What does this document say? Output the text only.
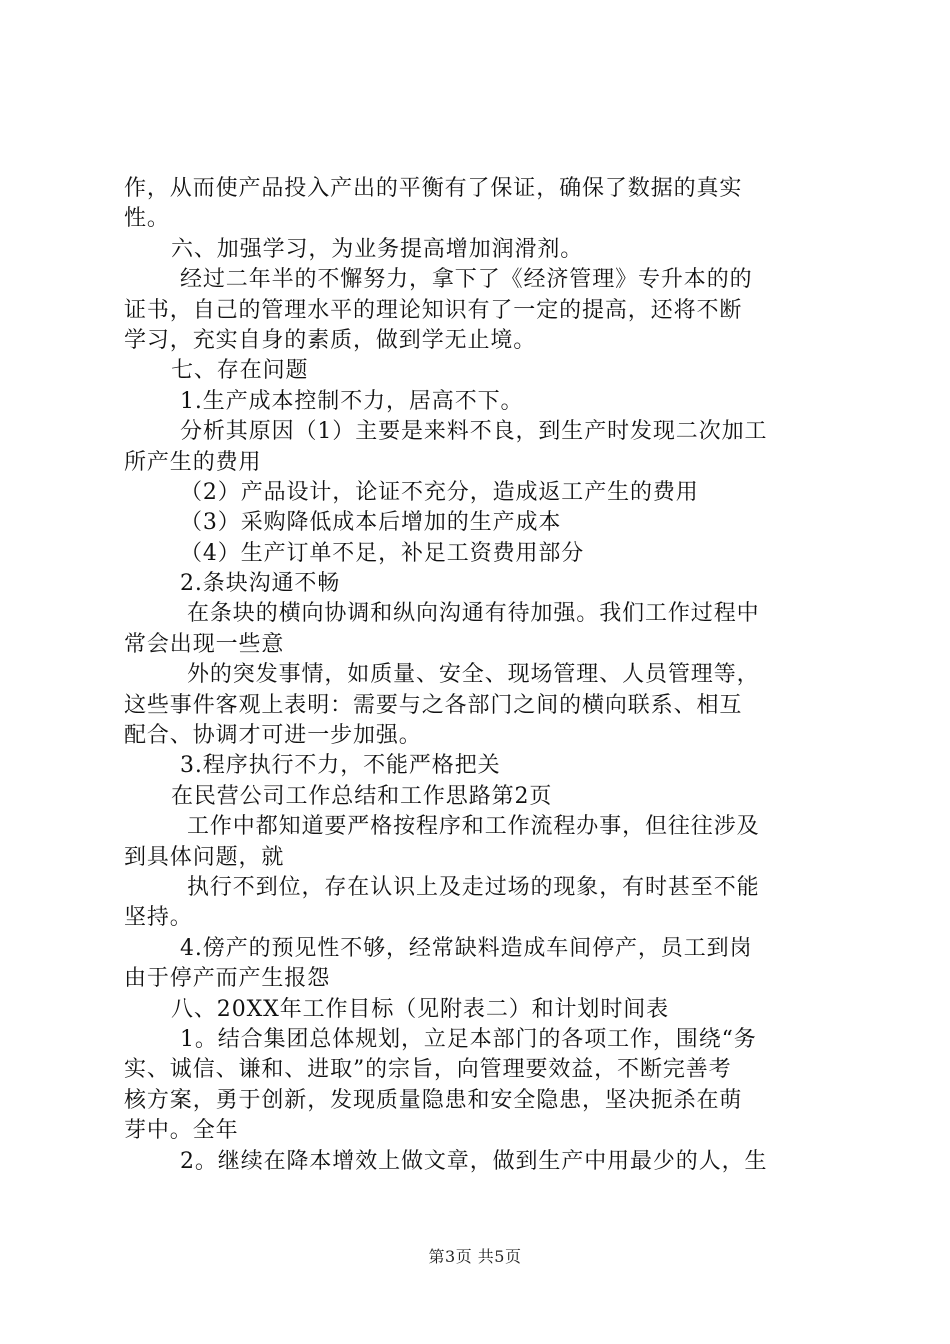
作，从而使产品投入产出的平衡有了保证，确保了数据的真实
性。
六、加强学习，为业务提高增加润滑剂。
经过二年半的不懈努力，拿下了《经济管理》专升本的的
证书，自己的管理水平的理论知识有了一定的提高，还将不断
学习，充实自身的素质，做到学无止境。
七、存在问题
1.生产成本控制不力，居高不下。
分析其原因（1）主要是来料不良，到生产时发现二次加工
所产生的费用
（2）产品设计，论证不充分，造成返工产生的费用
（3）采购降低成本后增加的生产成本
（4）生产订单不足，补足工资费用部分
2.条块沟通不畅
在条块的横向协调和纵向沟通有待加强。我们工作过程中
常会出现一些意
外的突发事情，如质量、安全、现场管理、人员管理等，
这些事件客观上表明：需要与之各部门之间的横向联系、相互
配合、协调才可进一步加强。
3.程序执行不力，不能严格把关
在民营公司工作总结和工作思路第2页
工作中都知道要严格按程序和工作流程办事，但往往涉及
到具体问题，就
执行不到位，存在认识上及走过场的现象，有时甚至不能
坚持。
4.傍产的预见性不够，经常缺料造成车间停产，员工到岗
由于停产而产生报怨
八、20XX年工作目标（见附表二）和计划时间表
1。结合集团总体规划，立足本部门的各项工作，围绕“务
实、诚信、谦和、进取”的宗旨，向管理要效益，不断完善考
核方案，勇于创新，发现质量隐患和安全隐患，坚决扼杀在萌
芽中。全年
2。继续在降本增效上做文章，做到生产中用最少的人，生
第3页 共5页
